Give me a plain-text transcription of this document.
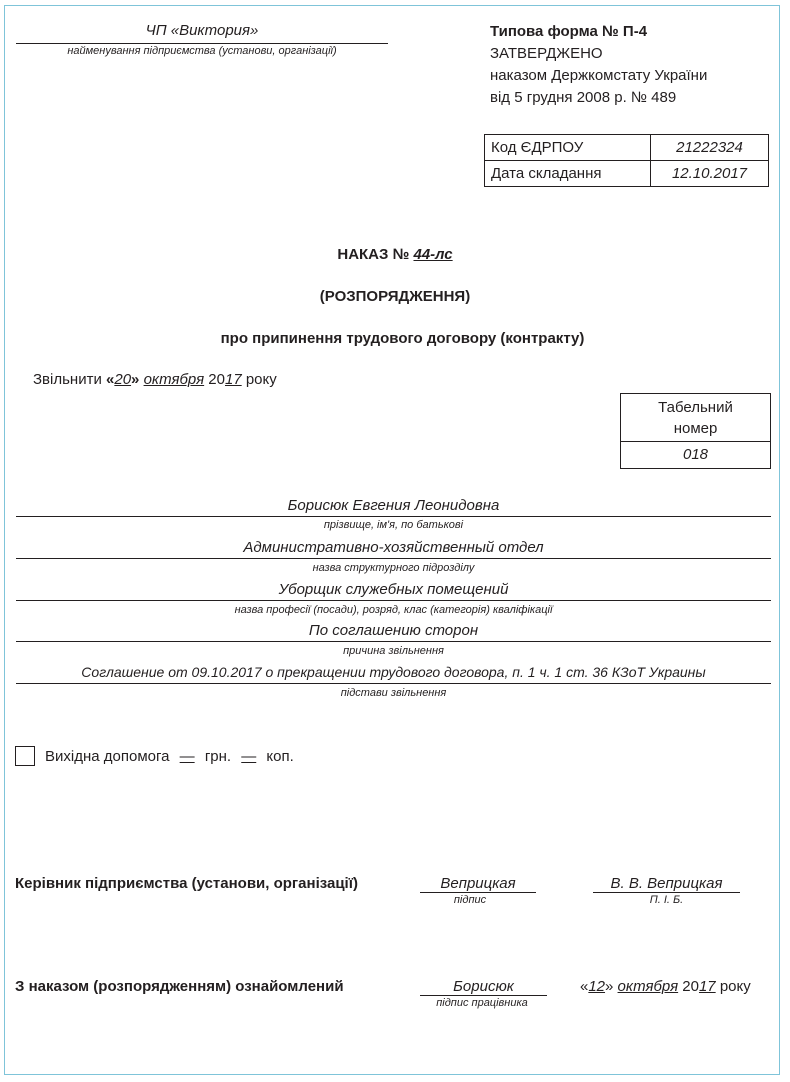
ЧП «Виктория»
найменування підприємства (установи, організації)
Типова форма № П-4
ЗАТВЕРДЖЕНО
наказом Держкомстату України
від 5 грудня 2008 р. № 489
Код ЄДРПОУ	21222324
Дата складання	12.10.2017
НАКАЗ № 44-лс
(РОЗПОРЯДЖЕННЯ)
про припинення трудового договору (контракту)
Звільнити «20» октября 2017 року
Табельний
номер
018
Борисюк Евгения Леонидовна
прізвище, ім'я, по батькові
Административно-хозяйственный отдел
назва структурного підрозділу
Уборщик служебных помещений
назва професії (посади), розряд, клас (категорія) кваліфікації
По соглашению сторон
причина звільнення
Соглашение от 09.10.2017 о прекращении трудового договора, п. 1 ч. 1 ст. 36 КЗоТ Украины
підстави звільнення
Вихідна допомога — грн. — коп.
Керівник підприємства (установи, організації)	Веприцкая
підпис
В. В. Веприцкая
П. І. Б.
З наказом (розпорядженням) ознайомлений	Борисюк
підпис працівника
«12» октября 2017 року
